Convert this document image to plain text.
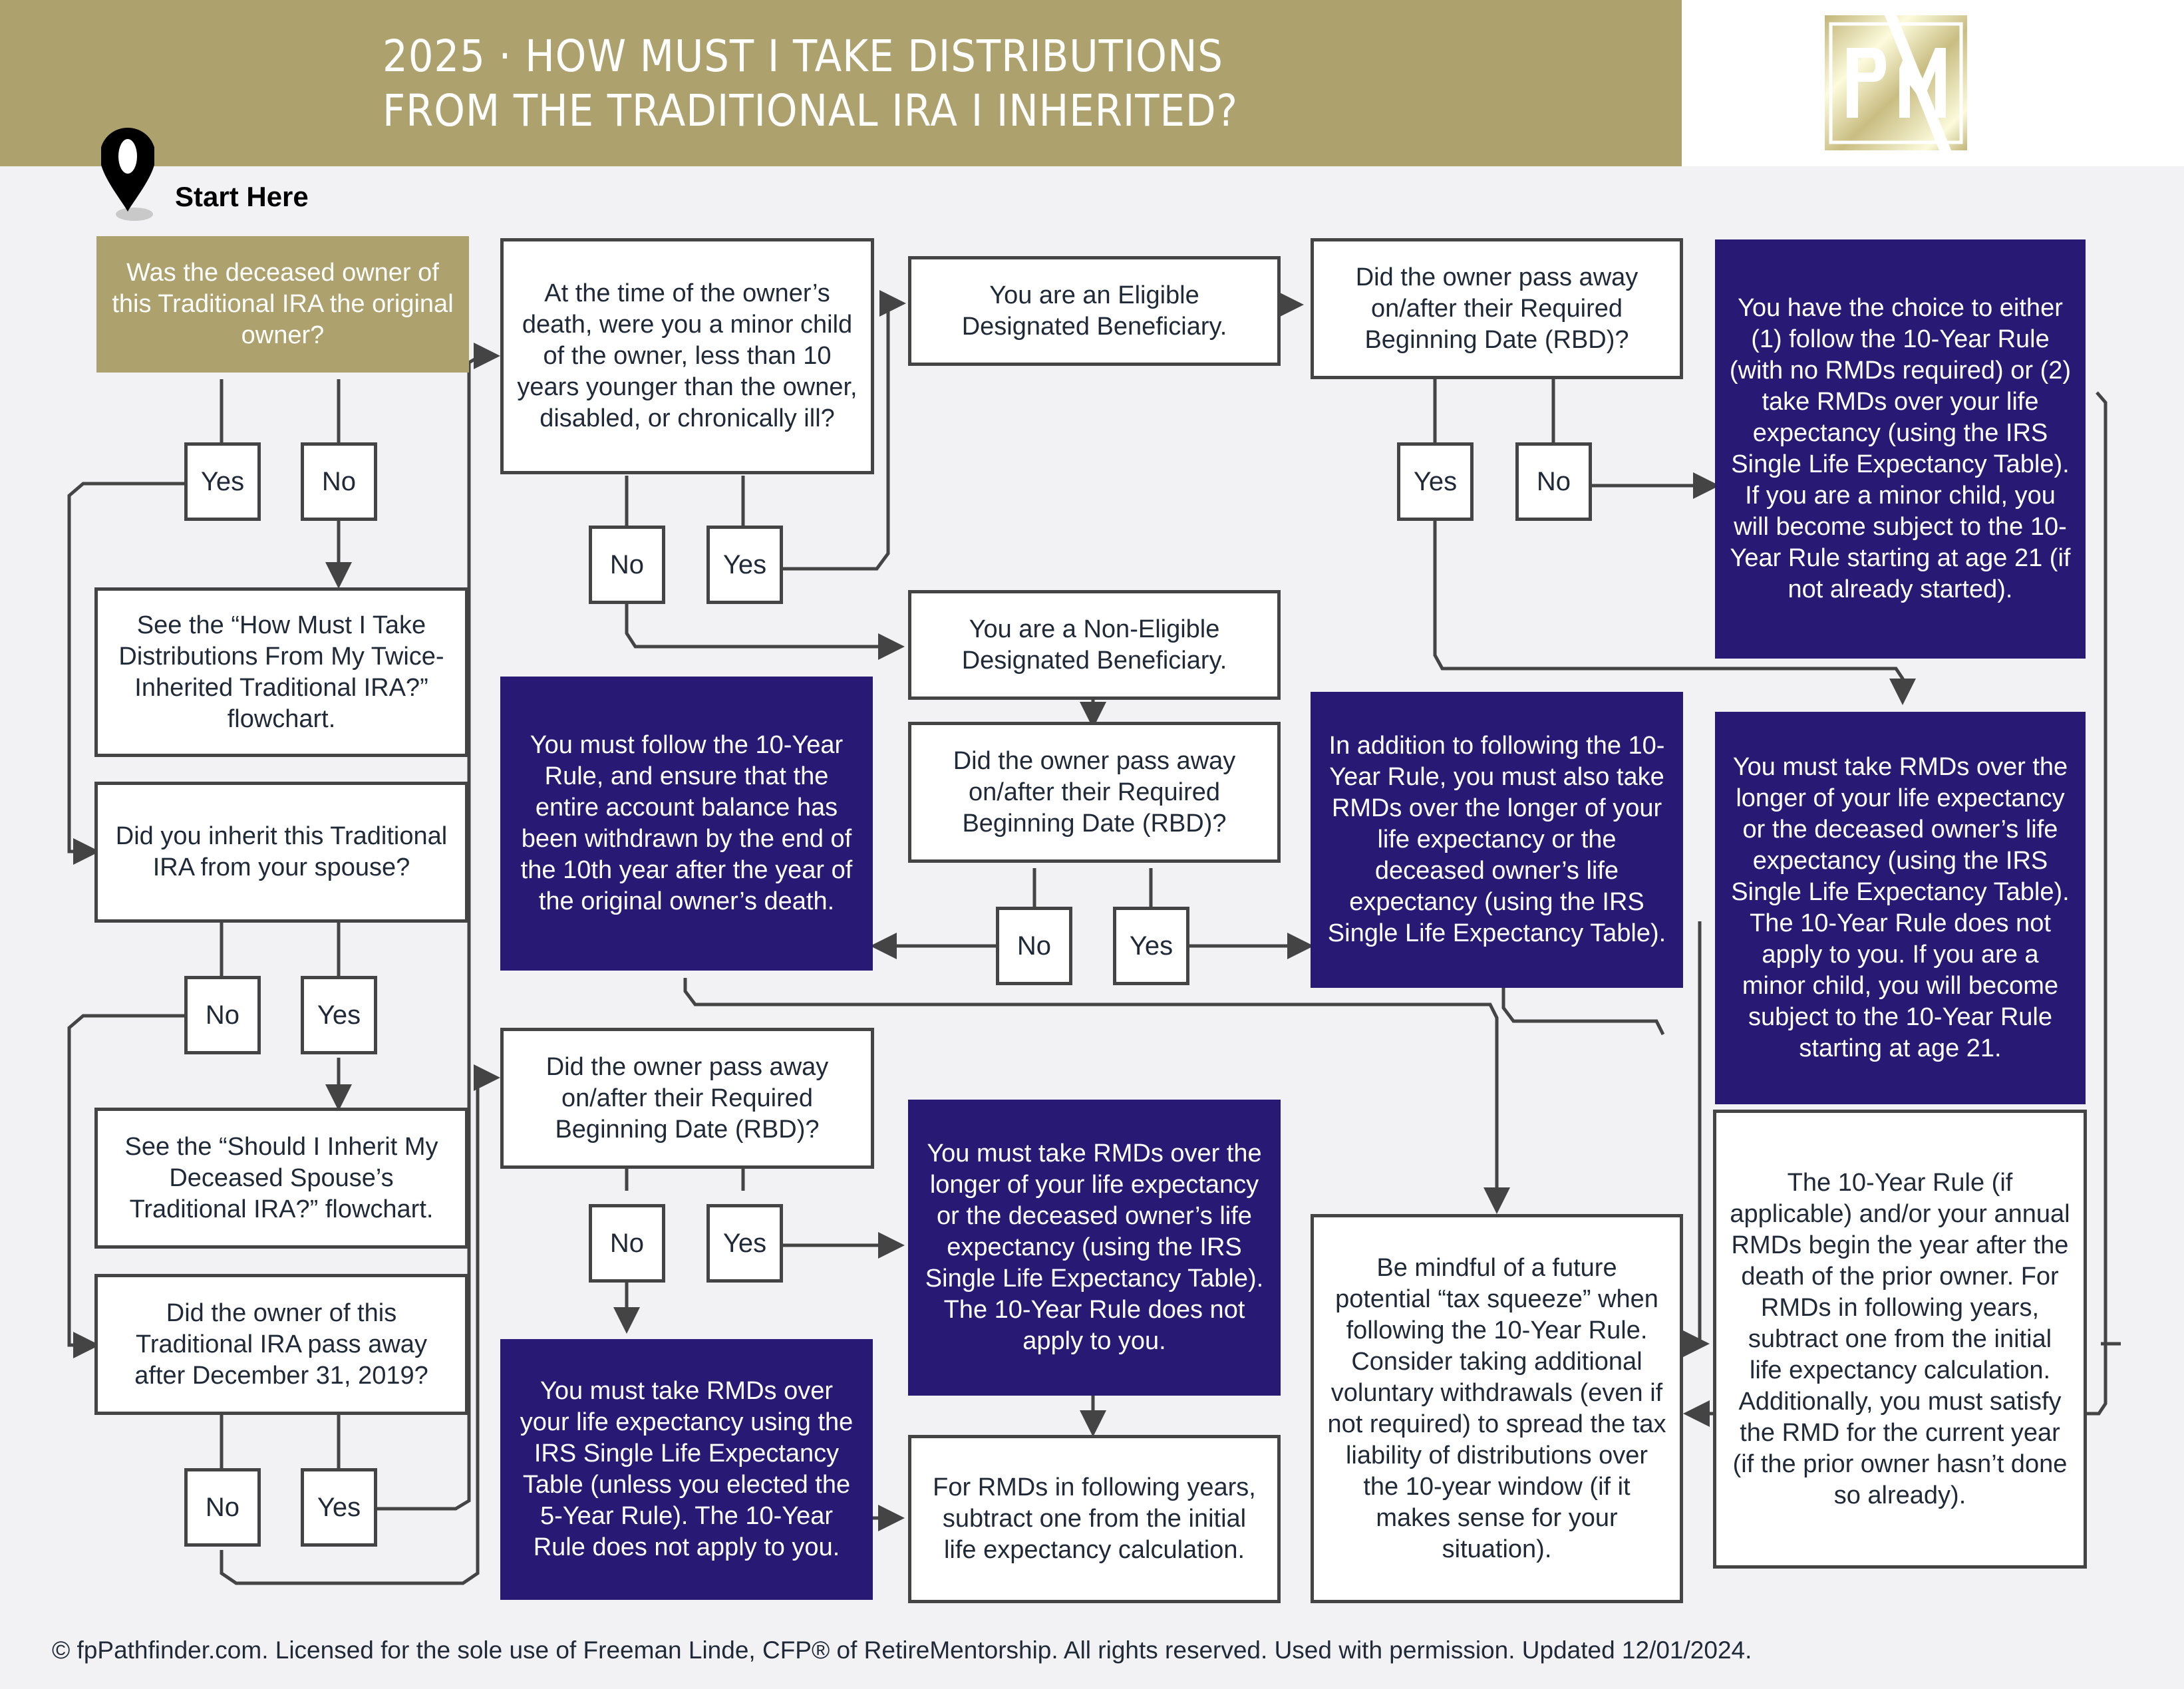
2025 · HOW MUST I TAKE DISTRIBUTIONS
FROM THE TRADITIONAL IRA I INHERITED?
Start Here
Was the deceased owner of this Traditional IRA the original owner?
Yes	No
See the “How Must I Take Distributions From My Twice-Inherited Traditional IRA?” flowchart.
Did you inherit this Traditional IRA from your spouse?
No	Yes
See the “Should I Inherit My Deceased Spouse’s Traditional IRA?” flowchart.
Did the owner of this Traditional IRA pass away after December 31, 2019?
No	Yes
At the time of the owner’s death, were you a minor child of the owner, less than 10 years younger than the owner, disabled, or chronically ill?
No	Yes
You must follow the 10-Year Rule, and ensure that the entire account balance has been withdrawn by the end of the 10th year after the year of the original owner’s death.
Did the owner pass away on/after their Required Beginning Date (RBD)?
No	Yes
You must take RMDs over your life expectancy using the IRS Single Life Expectancy Table (unless you elected the 5-Year Rule). The 10-Year Rule does not apply to you.
You are an Eligible Designated Beneficiary.
You are a Non-Eligible Designated Beneficiary.
Did the owner pass away on/after their Required Beginning Date (RBD)?
No	Yes
You must take RMDs over the longer of your life expectancy or the deceased owner’s life expectancy (using the IRS Single Life Expectancy Table). The 10-Year Rule does not apply to you.
For RMDs in following years, subtract one from the initial life expectancy calculation.
Did the owner pass away on/after their Required Beginning Date (RBD)?
Yes	No
In addition to following the 10-Year Rule, you must also take RMDs over the longer of your life expectancy or the deceased owner’s life expectancy (using the IRS Single Life Expectancy Table).
Be mindful of a future potential “tax squeeze” when following the 10-Year Rule. Consider taking additional voluntary withdrawals (even if not required) to spread the tax liability of distributions over the 10-year window (if it makes sense for your situation).
You have the choice to either (1) follow the 10-Year Rule (with no RMDs required) or (2) take RMDs over your life expectancy (using the IRS Single Life Expectancy Table). If you are a minor child, you will become subject to the 10-Year Rule starting at age 21 (if not already started).
You must take RMDs over the longer of your life expectancy or the deceased owner’s life expectancy (using the IRS Single Life Expectancy Table). The 10-Year Rule does not apply to you. If you are a minor child, you will become subject to the 10-Year Rule starting at age 21.
The 10-Year Rule (if applicable) and/or your annual RMDs begin the year after the death of the prior owner. For RMDs in following years, subtract one from the initial life expectancy calculation. Additionally, you must satisfy the RMD for the current year (if the prior owner hasn’t done so already).
© fpPathfinder.com. Licensed for the sole use of Freeman Linde, CFP® of RetireMentorship. All rights reserved. Used with permission. Updated 12/01/2024.
